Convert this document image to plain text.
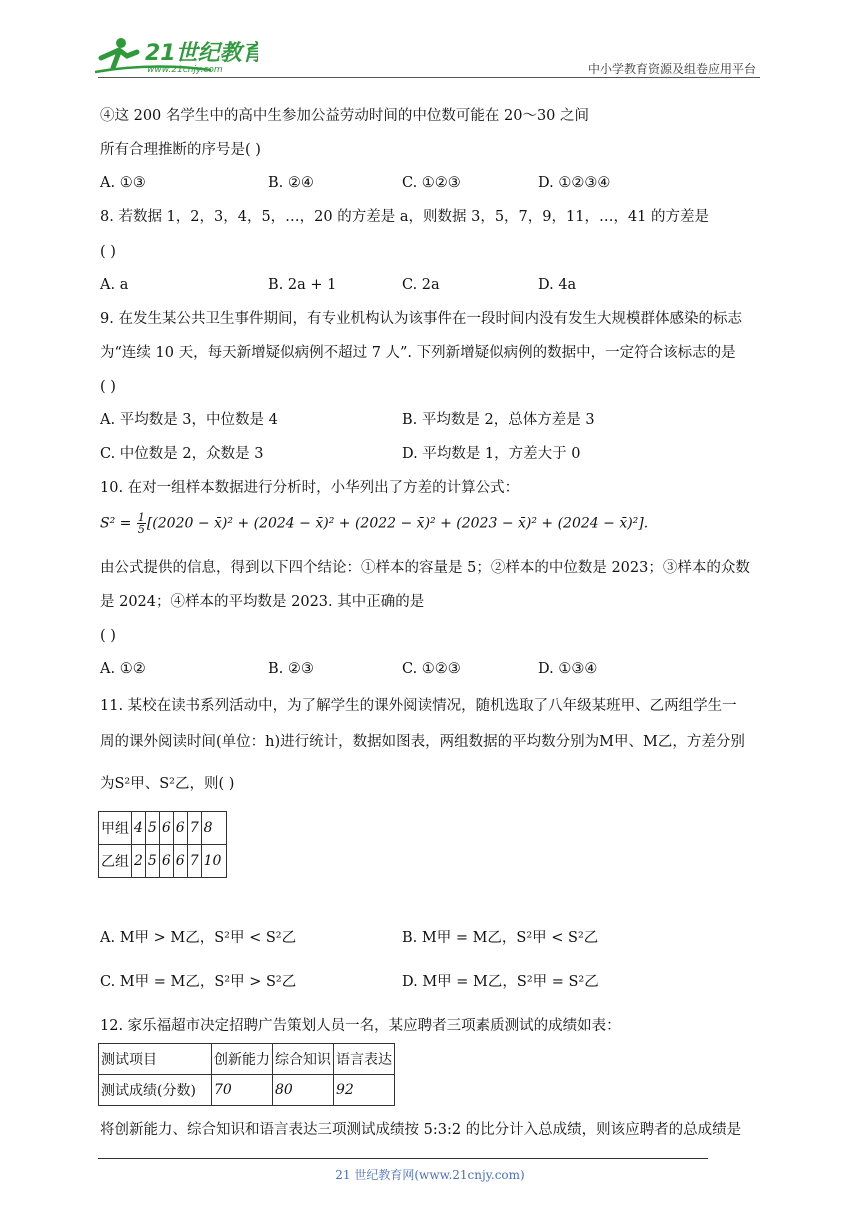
21世纪教育
www.21cnjy.com	中小学教育资源及组卷应用平台
④这 200 名学生中的高中生参加公益劳动时间的中位数可能在 20～30 之间
所有合理推断的序号是( )
A. ①③	B. ②④	C. ①②③	D. ①②③④
8. 若数据 1，2，3，4，5，…，20 的方差是 a，则数据 3，5，7，9，11，…，41 的方差是
( )
A. a	B. 2a + 1	C. 2a	D. 4a
9. 在发生某公共卫生事件期间，有专业机构认为该事件在一段时间内没有发生大规模群体感染的标志
为“连续 10 天，每天新增疑似病例不超过 7 人”. 下列新增疑似病例的数据中，一定符合该标志的是
( )
A. 平均数是 3，中位数是 4	B. 平均数是 2，总体方差是 3
C. 中位数是 2，众数是 3	D. 平均数是 1，方差大于 0
10. 在对一组样本数据进行分析时，小华列出了方差的计算公式：
$S^2 = \frac{1}{5} [(2020$ − x̄)² + (2024 − x̄)² + (2022 − x̄)² + (2023 − x̄)² + (2024 − x̄)²].
由公式提供的信息，得到以下四个结论：①样本的容量是 5；②样本的中位数是 2023；③样本的众数
是 2024；④样本的平均数是 2023. 其中正确的是
( )
A. ①②	B. ②③	C. ①②③	D. ①③④
11. 某校在读书系列活动中，为了解学生的课外阅读情况，随机选取了八年级某班甲、乙两组学生一
周的课外阅读时间(单位：h)进行统计，数据如图表，两组数据的平均数分别为M甲、M乙，方差分别
为S²甲、S²乙，则( )
甲组	4	5	6	6	7	8
乙组	2	5	6	6	7	10
A. M甲 > M乙，S²甲 < S²乙	B. M甲 = M乙，S²甲 < S²乙
C. M甲 = M乙，S²甲 > S²乙	D. M甲 = M乙，S²甲 = S²乙
12. 家乐福超市决定招聘广告策划人员一名，某应聘者三项素质测试的成绩如表：
测试项目	创新能力	综合知识	语言表达
测试成绩(分数)	70	80	92
将创新能力、综合知识和语言表达三项测试成绩按 5:3:2 的比分计入总成绩，则该应聘者的总成绩是
21 世纪教育网(www.21cnjy.com)
